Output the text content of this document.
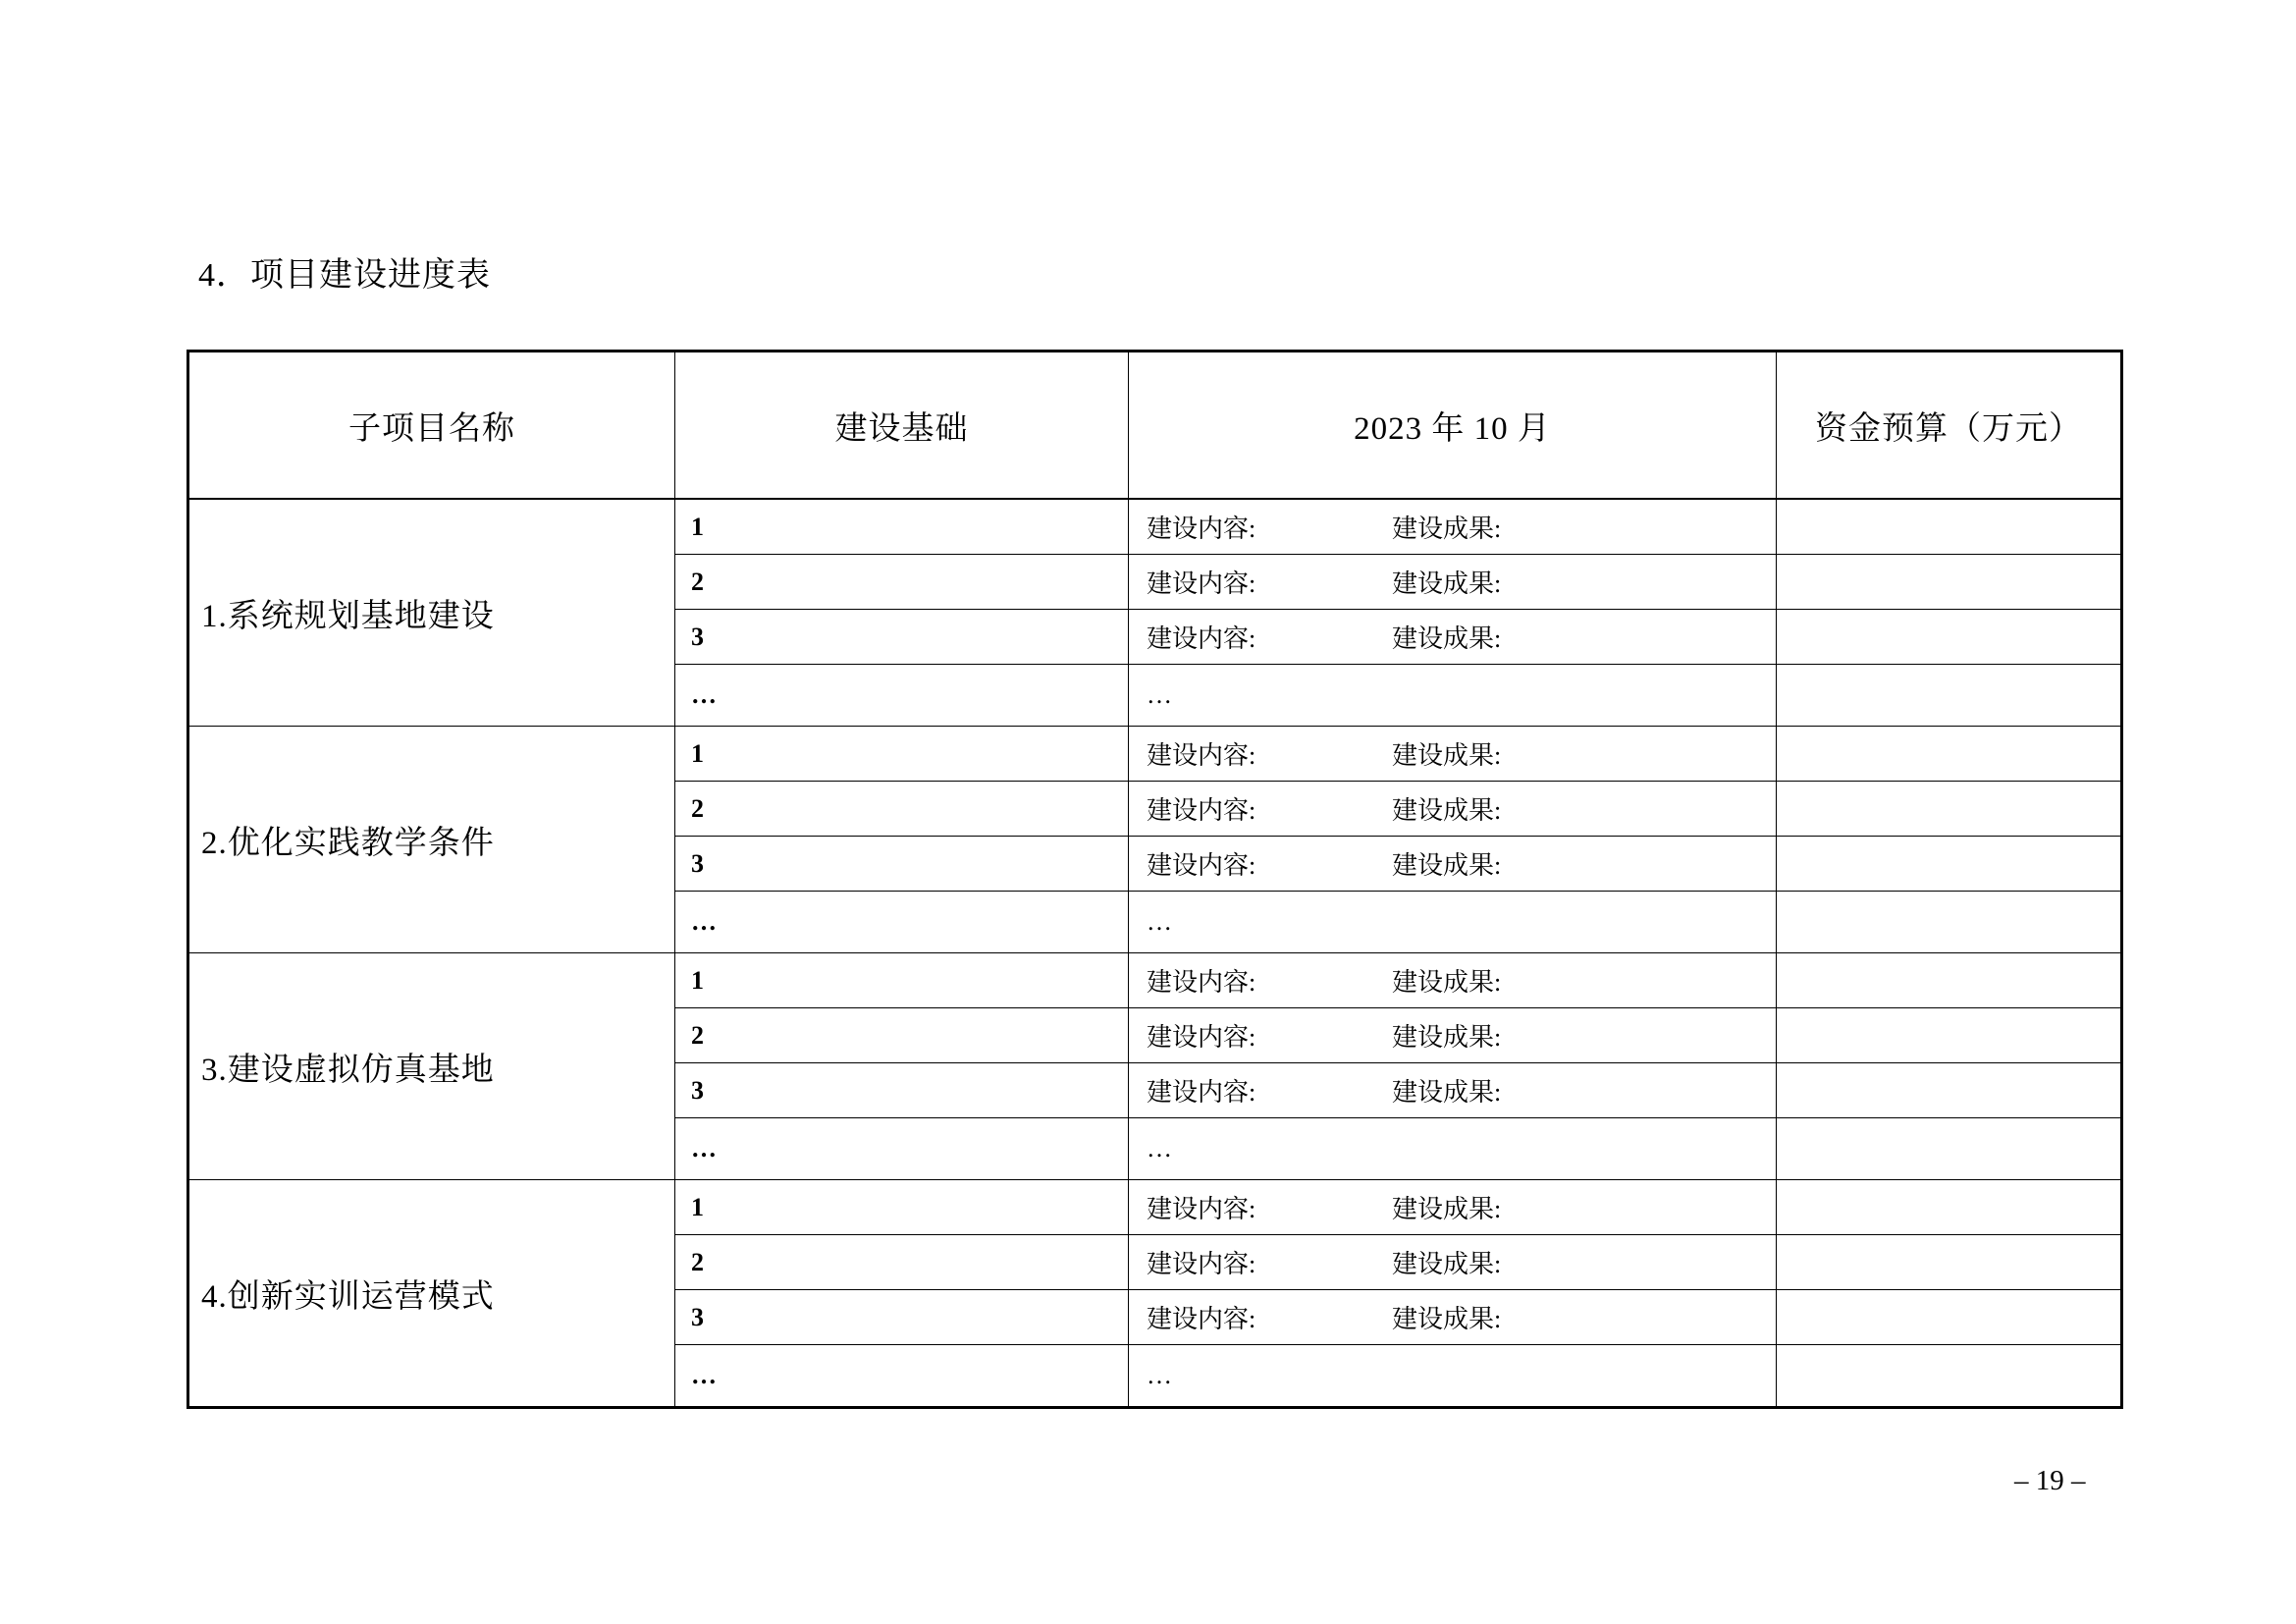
4．项目建设进度表
子项目名称	建设基础	2023 年 10 月	资金预算（万元）
1.系统规划基地建设	1	建设内容: 建设成果:	
	2	建设内容: 建设成果:	
	3	建设内容: 建设成果:	
	…	…	
2.优化实践教学条件	1	建设内容: 建设成果:	
	2	建设内容: 建设成果:	
	3	建设内容: 建设成果:	
	…	…	
3.建设虚拟仿真基地	1	建设内容: 建设成果:	
	2	建设内容: 建设成果:	
	3	建设内容: 建设成果:	
	…	…	
4.创新实训运营模式	1	建设内容: 建设成果:	
	2	建设内容: 建设成果:	
	3	建设内容: 建设成果:	
	…	…	
– 19 –
